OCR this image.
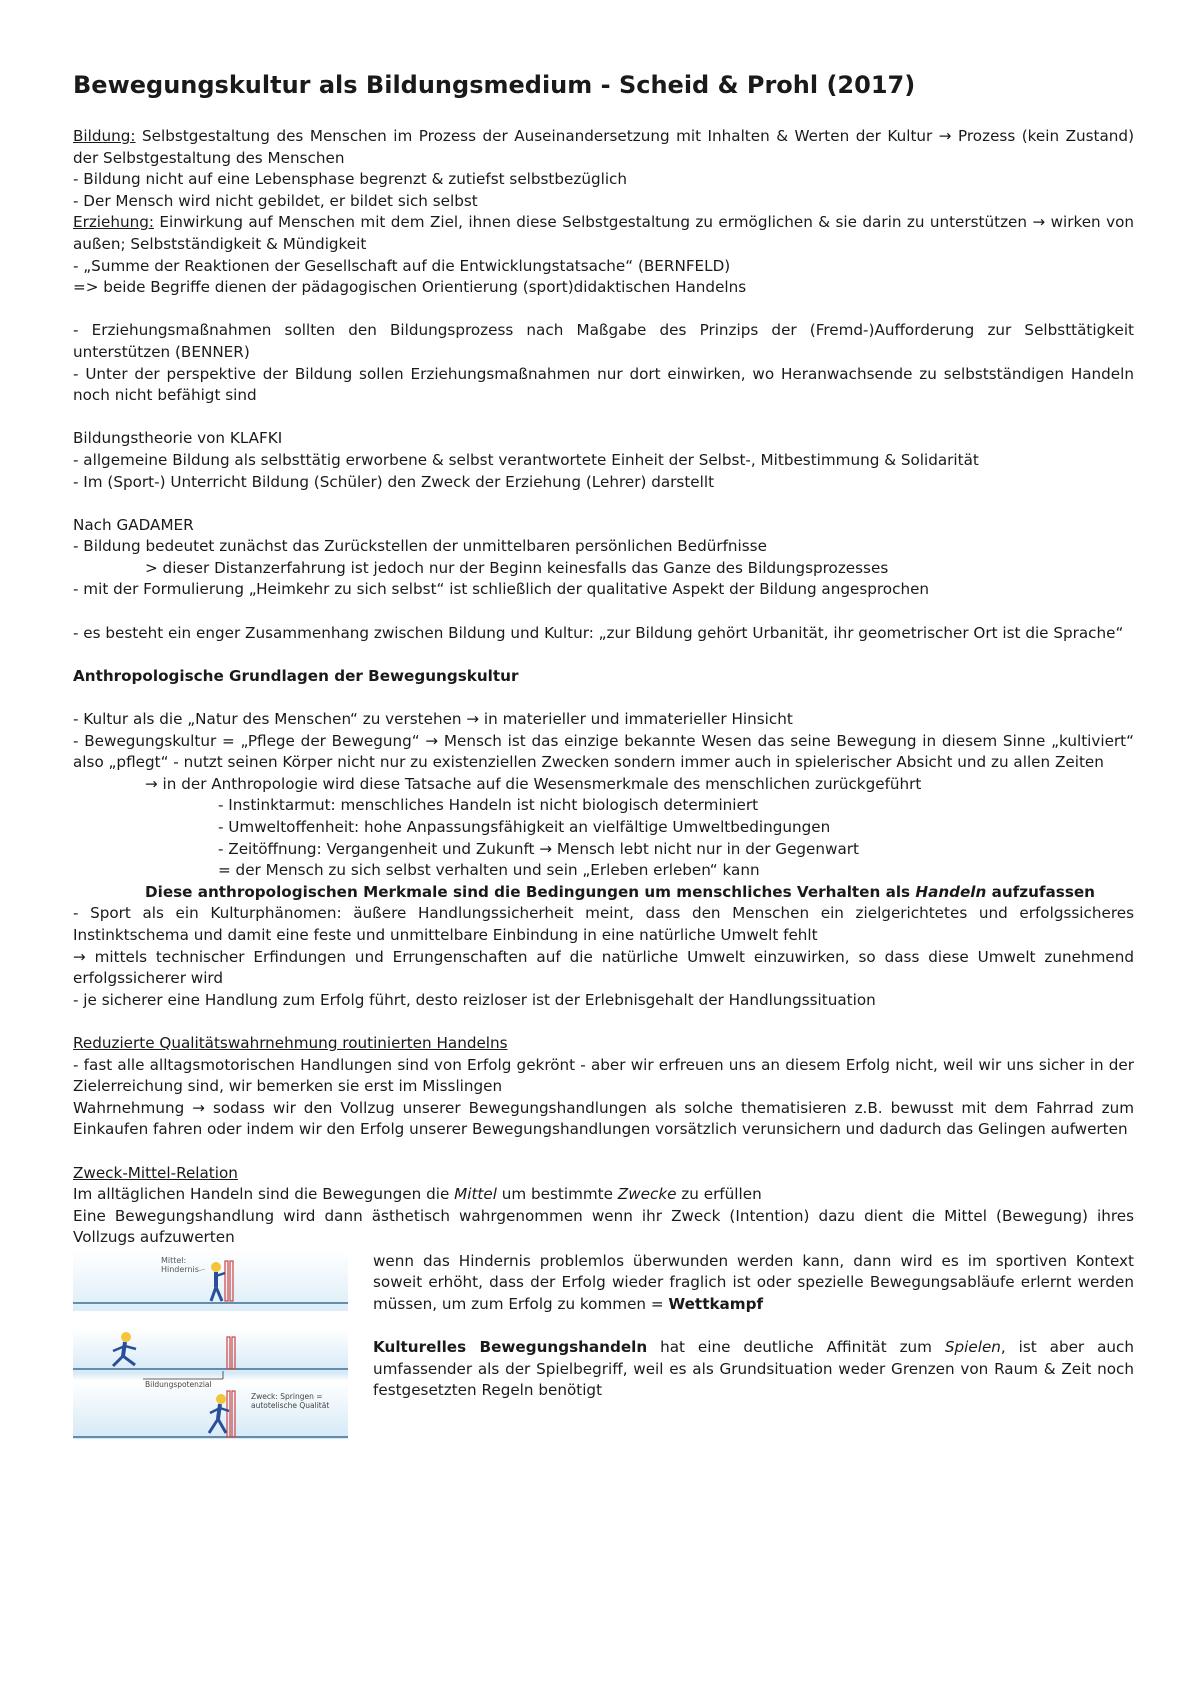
Bewegungskultur als Bildungsmedium - Scheid & Prohl (2017)

Bildung: Selbstgestaltung des Menschen im Prozess der Auseinandersetzung mit Inhalten & Werten der Kultur → Prozess (kein Zustand) der Selbstgestaltung des Menschen

- Bildung nicht auf eine Lebensphase begrenzt & zutiefst selbstbezüglich

- Der Mensch wird nicht gebildet, er bildet sich selbst

Erziehung: Einwirkung auf Menschen mit dem Ziel, ihnen diese Selbstgestaltung zu ermöglichen & sie darin zu unterstützen → wirken von außen; Selbstständigkeit & Mündigkeit

- „Summe der Reaktionen der Gesellschaft auf die Entwicklungstatsache“ (BERNFELD)

=> beide Begriffe dienen der pädagogischen Orientierung (sport)didaktischen Handelns

- Erziehungsmaßnahmen sollten den Bildungsprozess nach Maßgabe des Prinzips der (Fremd-)Aufforderung zur Selbsttätigkeit unterstützen (BENNER)

- Unter der perspektive der Bildung sollen Erziehungsmaßnahmen nur dort einwirken, wo Heranwachsende zu selbstständigen Handeln noch nicht befähigt sind

Bildungstheorie von KLAFKI

- allgemeine Bildung als selbsttätig erworbene & selbst verantwortete Einheit der Selbst-, Mitbestimmung & Solidarität

- Im (Sport-) Unterricht Bildung (Schüler) den Zweck der Erziehung (Lehrer) darstellt

Nach GADAMER

- Bildung bedeutet zunächst das Zurückstellen der unmittelbaren persönlichen Bedürfnisse

> dieser Distanzerfahrung ist jedoch nur der Beginn keinesfalls das Ganze des Bildungsprozesses

- mit der Formulierung „Heimkehr zu sich selbst“ ist schließlich der qualitative Aspekt der Bildung angesprochen

- es besteht ein enger Zusammenhang zwischen Bildung und Kultur: „zur Bildung gehört Urbanität, ihr geometrischer Ort ist die Sprache“

Anthropologische Grundlagen der Bewegungskultur

- Kultur als die „Natur des Menschen“ zu verstehen → in materieller und immaterieller Hinsicht

- Bewegungskultur = „Pflege der Bewegung“ → Mensch ist das einzige bekannte Wesen das seine Bewegung in diesem Sinne „kultiviert“ also „pflegt“ - nutzt seinen Körper nicht nur zu existenziellen Zwecken sondern immer auch in spielerischer Absicht und zu allen Zeiten

→ in der Anthropologie wird diese Tatsache auf die Wesensmerkmale des menschlichen zurückgeführt

- Instinktarmut: menschliches Handeln ist nicht biologisch determiniert

- Umweltoffenheit: hohe Anpassungsfähigkeit an vielfältige Umweltbedingungen

- Zeitöffnung: Vergangenheit und Zukunft → Mensch lebt nicht nur in der Gegenwart

= der Mensch zu sich selbst verhalten und sein „Erleben erleben“ kann

Diese anthropologischen Merkmale sind die Bedingungen um menschliches Verhalten als Handeln aufzufassen

- Sport als ein Kulturphänomen: äußere Handlungssicherheit meint, dass den Menschen ein zielgerichtetes und erfolgssicheres Instinktschema und damit eine feste und unmittelbare Einbindung in eine natürliche Umwelt fehlt

→ mittels technischer Erfindungen und Errungenschaften auf die natürliche Umwelt einzuwirken, so dass diese Umwelt zunehmend erfolgssicherer wird

- je sicherer eine Handlung zum Erfolg führt, desto reizloser ist der Erlebnisgehalt der Handlungssituation

Reduzierte Qualitätswahrnehmung routinierten Handelns

- fast alle alltagsmotorischen Handlungen sind von Erfolg gekrönt - aber wir erfreuen uns an diesem Erfolg nicht, weil wir uns sicher in der Zielerreichung sind, wir bemerken sie erst im Misslingen

Wahrnehmung → sodass wir den Vollzug unserer Bewegungshandlungen als solche thematisieren z.B. bewusst mit dem Fahrrad zum Einkaufen fahren oder indem wir den Erfolg unserer Bewegungshandlungen vorsätzlich verunsichern und dadurch das Gelingen aufwerten

Zweck-Mittel-Relation

Im alltäglichen Handeln sind die Bewegungen die Mittel um bestimmte Zwecke zu erfüllen

Eine Bewegungshandlung wird dann ästhetisch wahrgenommen wenn ihr Zweck (Intention) dazu dient die Mittel (Bewegung) ihres Vollzugs aufzuwerten

Mittel:
Hindernis
Bildungspotenzial
Zweck: Springen =
autotelische Qualität

wenn das Hindernis problemlos überwunden werden kann, dann wird es im sportiven Kontext soweit erhöht, dass der Erfolg wieder fraglich ist oder spezielle Bewegungsabläufe erlernt werden müssen, um zum Erfolg zu kommen = Wettkampf

Kulturelles Bewegungshandeln hat eine deutliche Affinität zum Spielen, ist aber auch umfassender als der Spielbegriff, weil es als Grundsituation weder Grenzen von Raum & Zeit noch festgesetzten Regeln benötigt
